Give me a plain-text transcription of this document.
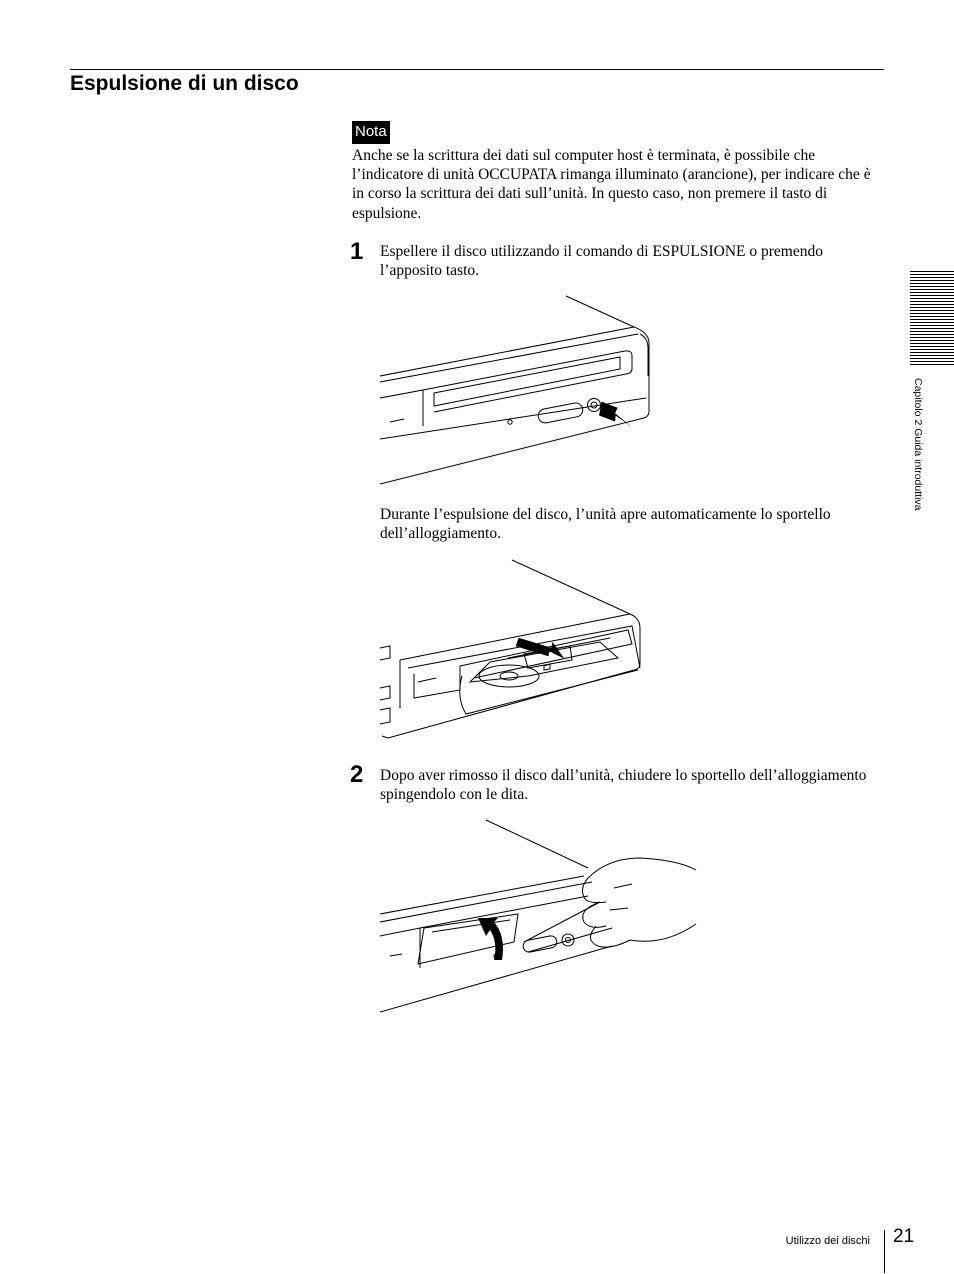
Espulsione di un disco
Nota

Anche se la scrittura dei dati sul computer host è terminata, è possibile che l’indicatore di unità OCCUPATA rimanga illuminato (arancione), per indicare che è in corso la scrittura dei dati sull’unità. In questo caso, non premere il tasto di espulsione.

1 Espellere il disco utilizzando il comando di ESPULSIONE o premendo l’apposito tasto.

Durante l’espulsione del disco, l’unità apre automaticamente lo sportello dell’alloggiamento.

2 Dopo aver rimosso il disco dall’unità, chiudere lo sportello dell’alloggiamento spingendolo con le dita.

Capitolo 2 Guida introduttiva
Utilizzo dei dischi 21
